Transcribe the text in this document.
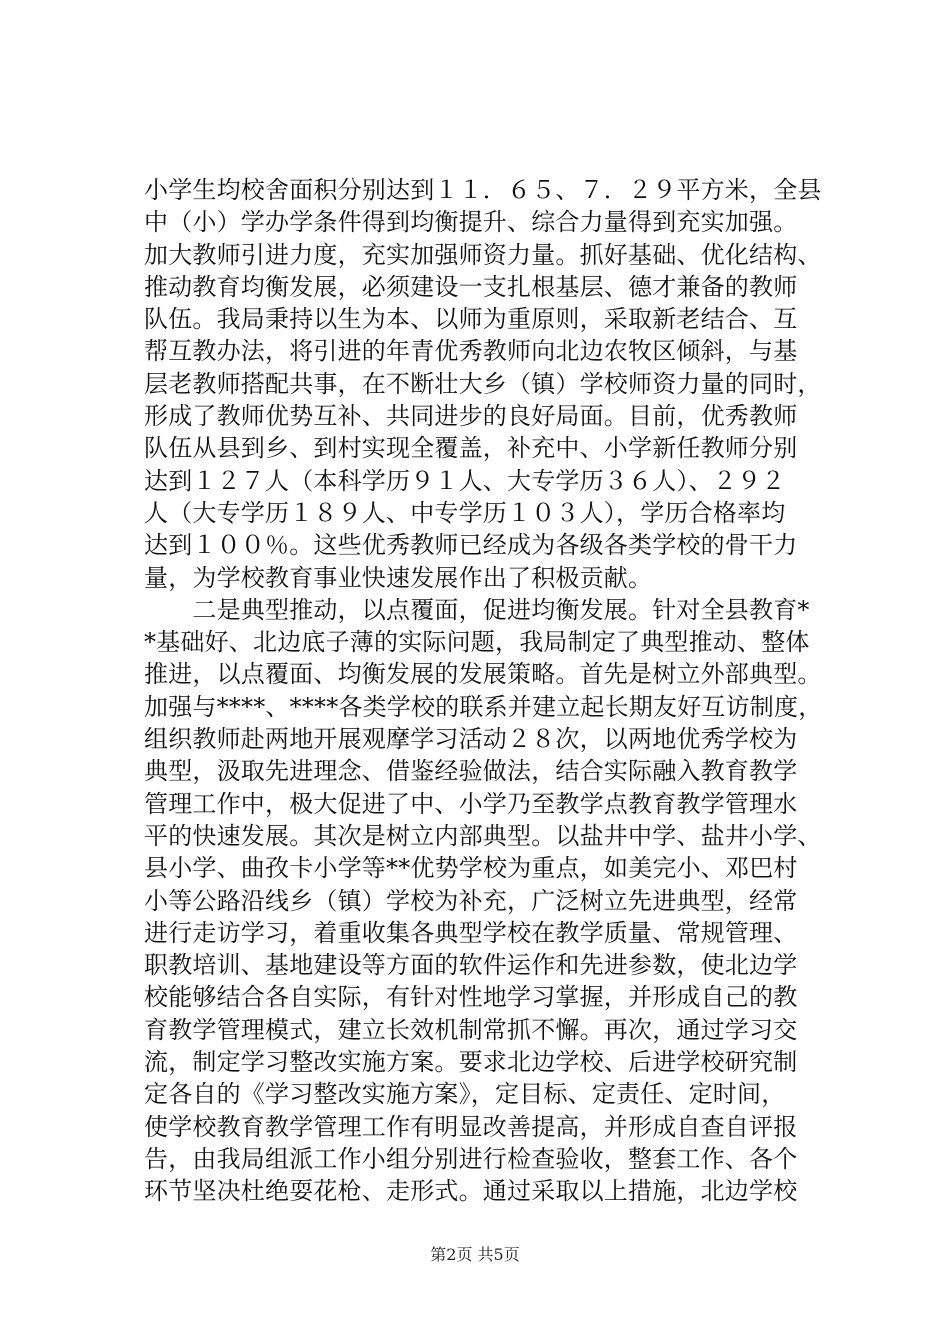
小学生均校舍面积分别达到１１．６５、７．２９平方米，全县
中（小）学办学条件得到均衡提升、综合力量得到充实加强。
加大教师引进力度，充实加强师资力量。抓好基础、优化结构、
推动教育均衡发展，必须建设一支扎根基层、德才兼备的教师
队伍。我局秉持以生为本、以师为重原则，采取新老结合、互
帮互教办法，将引进的年青优秀教师向北边农牧区倾斜，与基
层老教师搭配共事，在不断壮大乡（镇）学校师资力量的同时，
形成了教师优势互补、共同进步的良好局面。目前，优秀教师
队伍从县到乡、到村实现全覆盖，补充中、小学新任教师分别
达到１２７人（本科学历９１人、大专学历３６人）、２９２
人（大专学历１８９人、中专学历１０３人），学历合格率均
达到１００％。这些优秀教师已经成为各级各类学校的骨干力
量，为学校教育事业快速发展作出了积极贡献。
　　二是典型推动，以点覆面，促进均衡发展。针对全县教育*
*基础好、北边底子薄的实际问题，我局制定了典型推动、整体
推进，以点覆面、均衡发展的发展策略。首先是树立外部典型。
加强与****、****各类学校的联系并建立起长期友好互访制度，
组织教师赴两地开展观摩学习活动２８次，以两地优秀学校为
典型，汲取先进理念、借鉴经验做法，结合实际融入教育教学
管理工作中，极大促进了中、小学乃至教学点教育教学管理水
平的快速发展。其次是树立内部典型。以盐井中学、盐井小学、
县小学、曲孜卡小学等**优势学校为重点，如美完小、邓巴村
小等公路沿线乡（镇）学校为补充，广泛树立先进典型，经常
进行走访学习，着重收集各典型学校在教学质量、常规管理、
职教培训、基地建设等方面的软件运作和先进参数，使北边学
校能够结合各自实际，有针对性地学习掌握，并形成自己的教
育教学管理模式，建立长效机制常抓不懈。再次，通过学习交
流，制定学习整改实施方案。要求北边学校、后进学校研究制
定各自的《学习整改实施方案》，定目标、定责任、定时间，
使学校教育教学管理工作有明显改善提高，并形成自查自评报
告，由我局组派工作小组分别进行检查验收，整套工作、各个
环节坚决杜绝耍花枪、走形式。通过采取以上措施，北边学校
第2页 共5页
